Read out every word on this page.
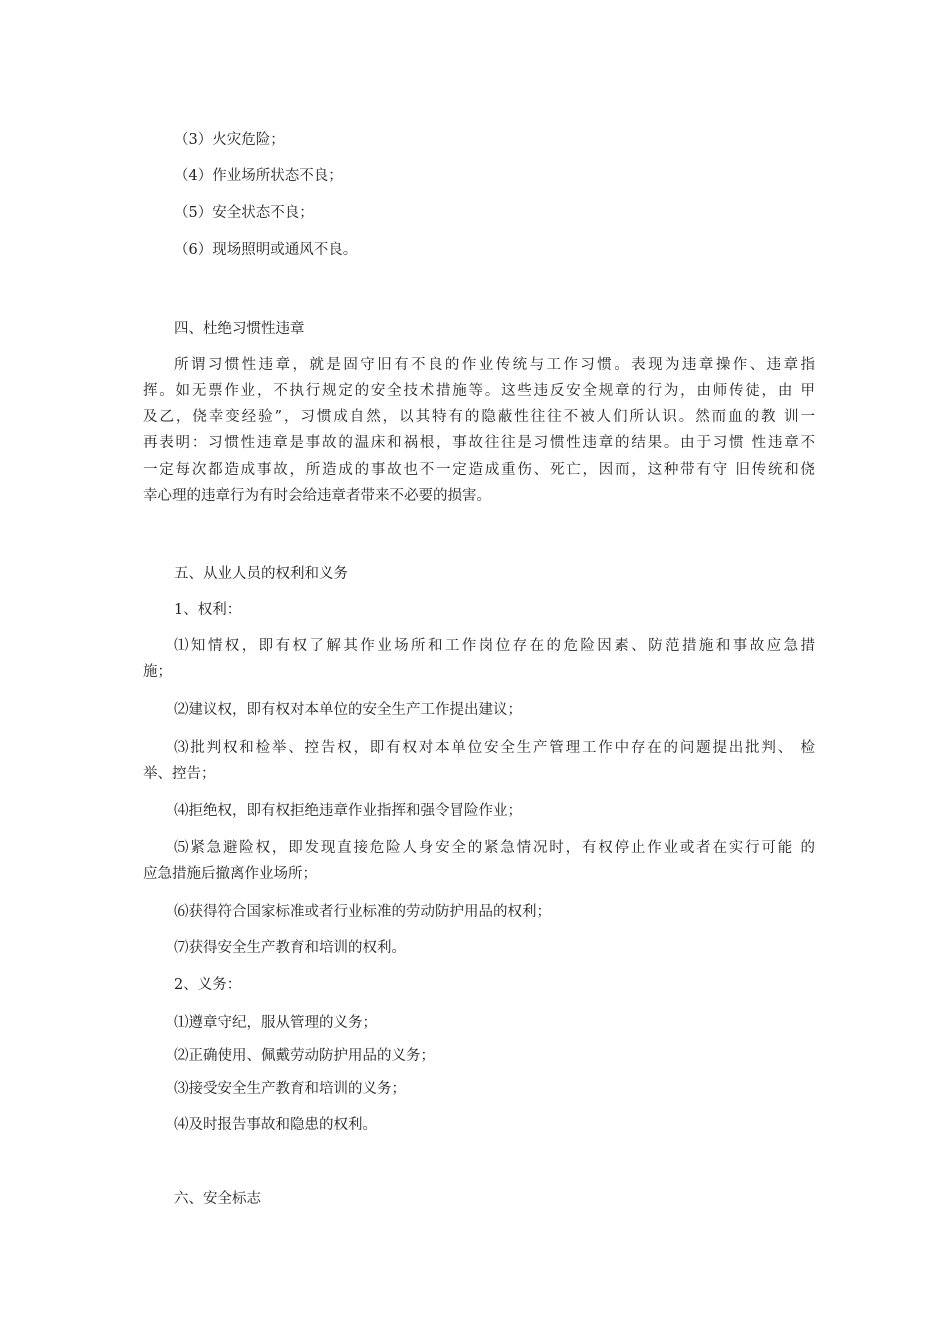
（3）火灾危险；
（4）作业场所状态不良；
（5）安全状态不良；
（6）现场照明或通风不良。
四、杜绝习惯性违章
所谓习惯性违章，就是固守旧有不良的作业传统与工作习惯。表现为违章操作、违章指
挥。如无票作业，不执行规定的安全技术措施等。这些违反安全规章的行为，由师传徒，由 甲
及乙，侥幸变经验”，习惯成自然，以其特有的隐蔽性往往不被人们所认识。然而血的教 训一
再表明：习惯性违章是事故的温床和祸根，事故往往是习惯性违章的结果。由于习惯 性违章不
一定每次都造成事故，所造成的事故也不一定造成重伤、死亡，因而，这种带有守 旧传统和侥
幸心理的违章行为有时会给违章者带来不必要的损害。
五、从业人员的权利和义务
1、权利：
⑴知情权，即有权了解其作业场所和工作岗位存在的危险因素、防范措施和事故应急措
施；
⑵建议权，即有权对本单位的安全生产工作提出建议；
⑶批判权和检举、控告权，即有权对本单位安全生产管理工作中存在的问题提出批判、 检
举、控告；
⑷拒绝权，即有权拒绝违章作业指挥和强令冒险作业；
⑸紧急避险权，即发现直接危险人身安全的紧急情况时，有权停止作业或者在实行可能 的
应急措施后撤离作业场所；
⑹获得符合国家标准或者行业标准的劳动防护用品的权利；
⑺获得安全生产教育和培训的权利。
2、义务：
⑴遵章守纪，服从管理的义务；
⑵正确使用、佩戴劳动防护用品的义务；
⑶接受安全生产教育和培训的义务；
⑷及时报告事故和隐患的权利。
六、安全标志
